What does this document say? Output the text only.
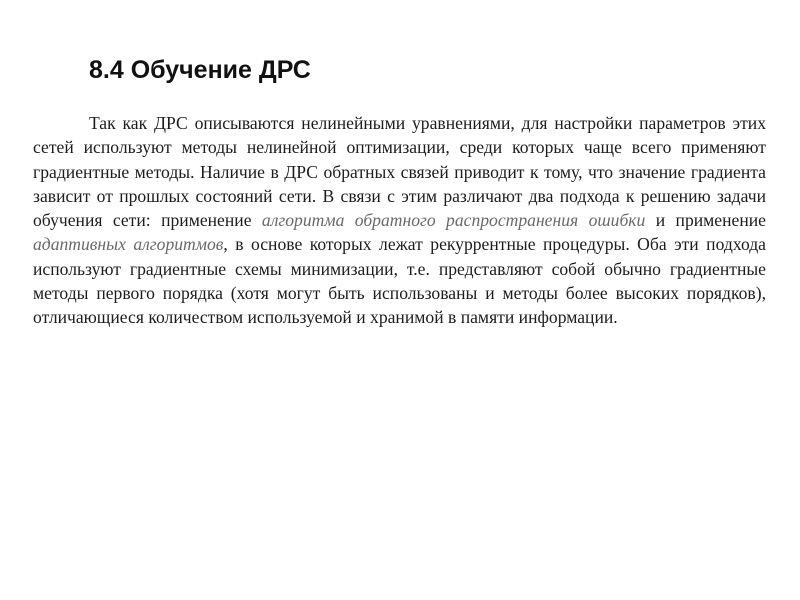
8.4 Обучение ДРС

Так как ДРС описываются нелинейными уравнениями, для настройки параметров этих сетей используют методы нелинейной оптимизации, среди которых чаще всего применяют градиентные методы. Наличие в ДРС обратных связей приводит к тому, что значение градиента зависит от прошлых состояний сети. В связи с этим различают два подхода к решению задачи обучения сети: применение алгоритма обратного распространения ошибки и применение адаптивных алгоритмов, в основе которых лежат рекуррентные процедуры. Оба эти подхода используют градиентные схемы минимизации, т.е. представляют собой обычно градиентные методы первого порядка (хотя могут быть использованы и методы более высоких порядков), отличающиеся количеством используемой и хранимой в памяти информации.
